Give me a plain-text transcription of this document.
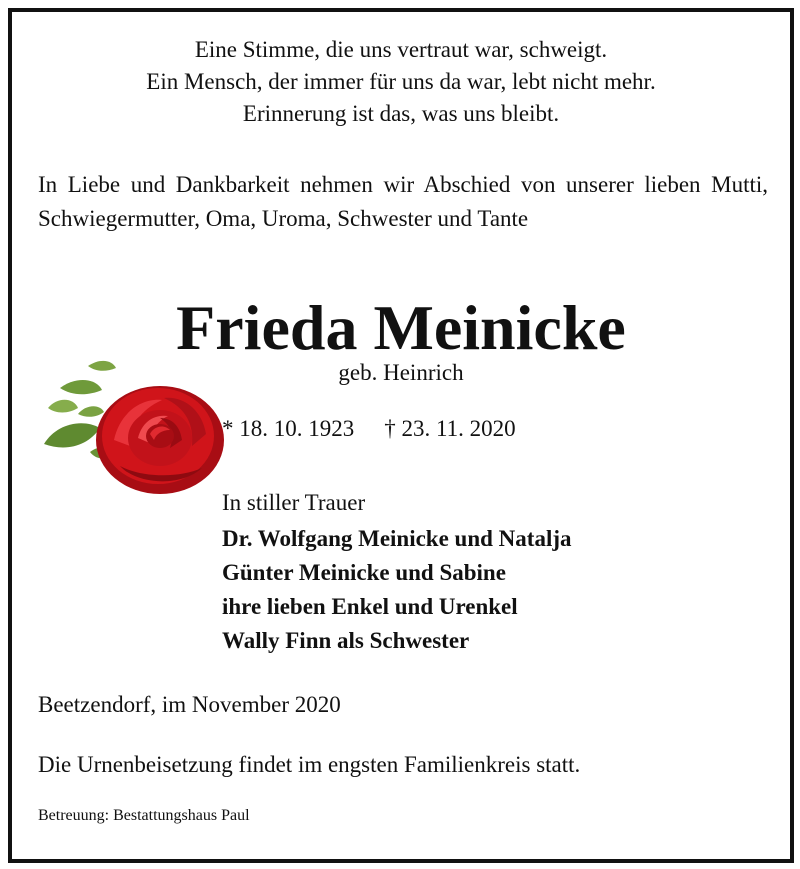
Eine Stimme, die uns vertraut war, schweigt.
Ein Mensch, der immer für uns da war, lebt nicht mehr.
Erinnerung ist das, was uns bleibt.

In Liebe und Dankbarkeit nehmen wir Abschied von unserer lieben Mutti, Schwiegermutter, Oma, Uroma, Schwester und Tante

Frieda Meinicke
geb. Heinrich
* 18. 10. 1923 † 23. 11. 2020
In stiller Trauer
Dr. Wolfgang Meinicke und Natalja
Günter Meinicke und Sabine
ihre lieben Enkel und Urenkel
Wally Finn als Schwester
Beetzendorf, im November 2020
Die Urnenbeisetzung findet im engsten Familienkreis statt.
Betreuung: Bestattungshaus Paul
